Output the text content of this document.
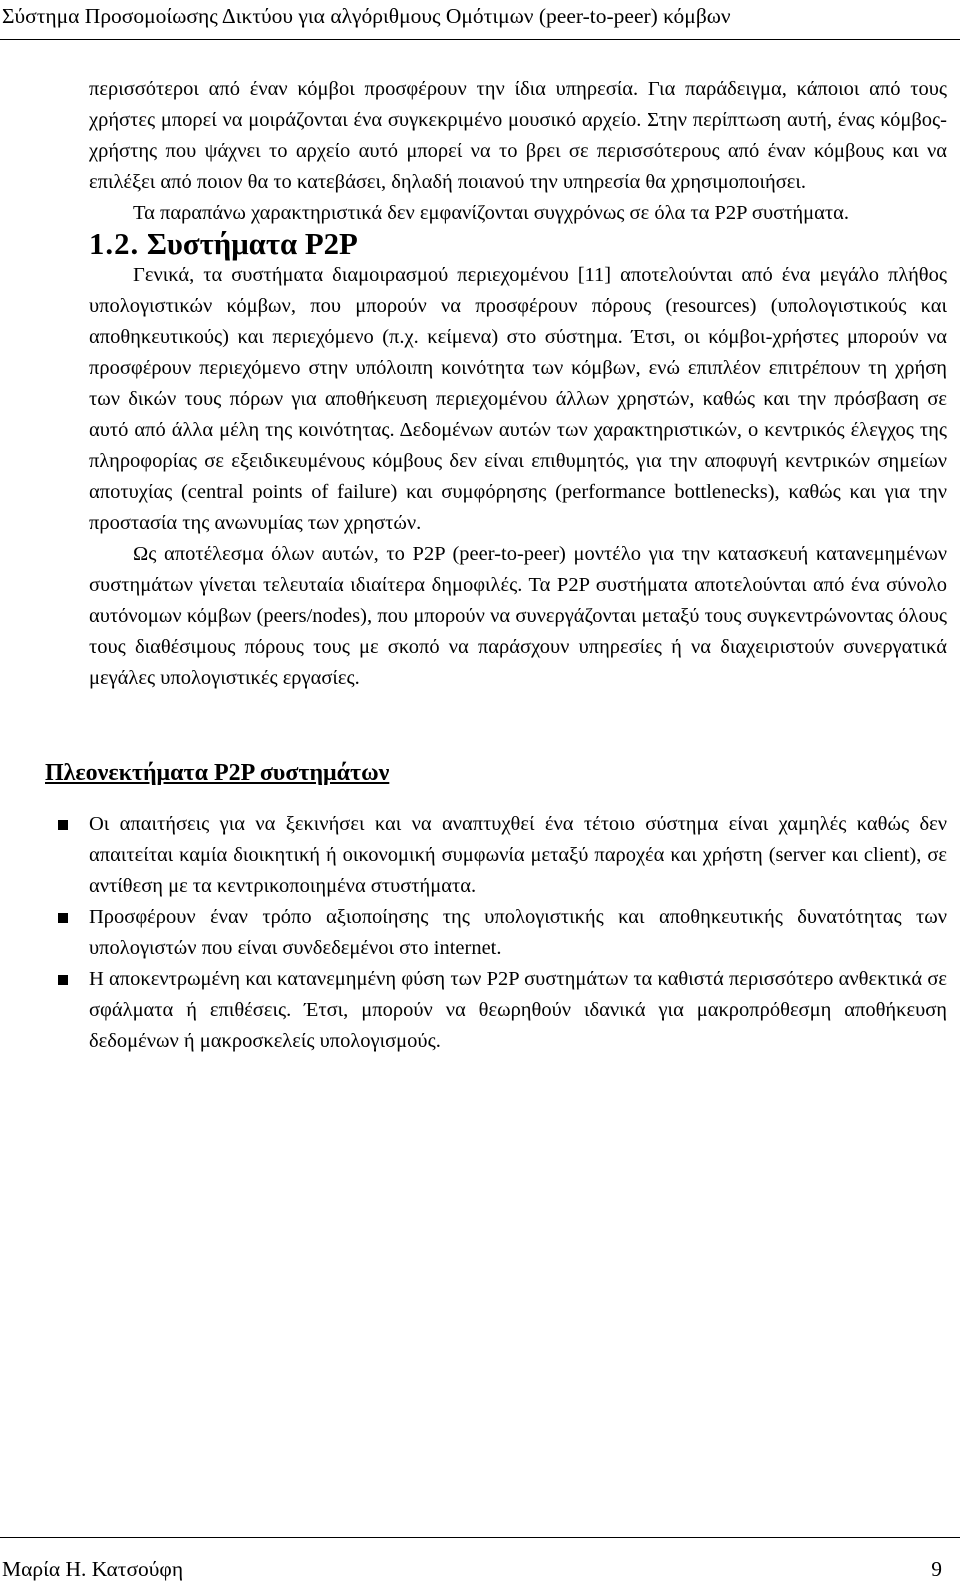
Σύστημα Προσομοίωσης Δικτύου για αλγόριθμους Ομότιμων (peer-to-peer) κόμβων

περισσότεροι από έναν κόμβοι προσφέρουν την ίδια υπηρεσία. Για παράδειγμα, κάποιοι από τους χρήστες μπορεί να μοιράζονται ένα συγκεκριμένο μουσικό αρχείο. Στην περίπτωση αυτή, ένας κόμβος-χρήστης που ψάχνει το αρχείο αυτό μπορεί να το βρει σε περισσότερους από έναν κόμβους και να επιλέξει από ποιον θα το κατεβάσει, δηλαδή ποιανού την υπηρεσία θα χρησιμοποιήσει.

Τα παραπάνω χαρακτηριστικά δεν εμφανίζονται συγχρόνως σε όλα τα P2P συστήματα.

1.2. Συστήματα P2P

Γενικά, τα συστήματα διαμοιρασμού περιεχομένου [11] αποτελούνται από ένα μεγάλο πλήθος υπολογιστικών κόμβων, που μπορούν να προσφέρουν πόρους (resources) (υπολογιστικούς και αποθηκευτικούς) και περιεχόμενο (π.χ. κείμενα) στο σύστημα. Έτσι, οι κόμβοι-χρήστες μπορούν να προσφέρουν περιεχόμενο στην υπόλοιπη κοινότητα των κόμβων, ενώ επιπλέον επιτρέπουν τη χρήση των δικών τους πόρων για αποθήκευση περιεχομένου άλλων χρηστών, καθώς και την πρόσβαση σε αυτό από άλλα μέλη της κοινότητας. Δεδομένων αυτών των χαρακτηριστικών, ο κεντρικός έλεγχος της πληροφορίας σε εξειδικευμένους κόμβους δεν είναι επιθυμητός, για την αποφυγή κεντρικών σημείων αποτυχίας (central points of failure) και συμφόρησης (performance bottlenecks), καθώς και για την προστασία της ανωνυμίας των χρηστών.

Ως αποτέλεσμα όλων αυτών, το P2P (peer-to-peer) μοντέλο για την κατασκευή κατανεμημένων συστημάτων γίνεται τελευταία ιδιαίτερα δημοφιλές. Τα P2P συστήματα αποτελούνται από ένα σύνολο αυτόνομων κόμβων (peers/nodes), που μπορούν να συνεργάζονται μεταξύ τους συγκεντρώνοντας όλους τους διαθέσιμους πόρους τους με σκοπό να παράσχουν υπηρεσίες ή να διαχειριστούν συνεργατικά μεγάλες υπολογιστικές εργασίες.

Πλεονεκτήματα P2P συστημάτων
Οι απαιτήσεις για να ξεκινήσει και να αναπτυχθεί ένα τέτοιο σύστημα είναι χαμηλές καθώς δεν απαιτείται καμία διοικητική ή οικονομική συμφωνία μεταξύ παροχέα και χρήστη (server και client), σε αντίθεση με τα κεντρικοποιημένα στυστήματα.
Προσφέρουν έναν τρόπο αξιοποίησης της υπολογιστικής και αποθηκευτικής δυνατότητας των υπολογιστών που είναι συνδεδεμένοι στο internet.
Η αποκεντρωμένη και κατανεμημένη φύση των P2P συστημάτων τα καθιστά περισσότερο ανθεκτικά σε σφάλματα ή επιθέσεις. Έτσι, μπορούν να θεωρηθούν ιδανικά για μακροπρόθεσμη αποθήκευση δεδομένων ή μακροσκελείς υπολογισμούς.
Μαρία Η. Κατσούφη	9
